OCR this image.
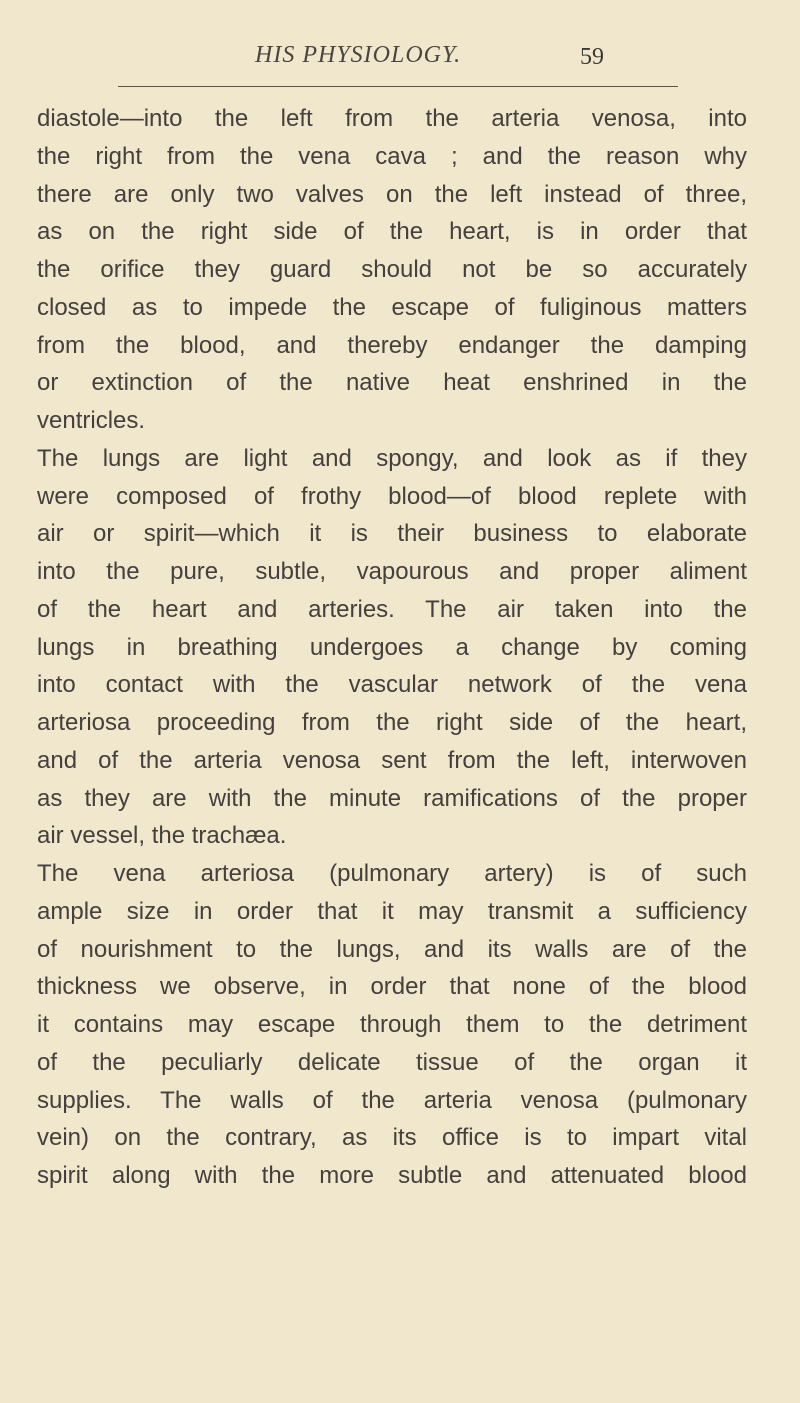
HIS PHYSIOLOGY.	59
diastole—into the left from the arteria venosa, into
the right from the vena cava ; and the reason why
there are only two valves on the left instead of three,
as on the right side of the heart, is in order that
the orifice they guard should not be so accurately
closed as to impede the escape of fuliginous matters
from the blood, and thereby endanger the damping
or extinction of the native heat enshrined in the
ventricles.
The lungs are light and spongy, and look as if they
were composed of frothy blood—of blood replete with
air or spirit—which it is their business to elaborate
into the pure, subtle, vapourous and proper aliment
of the heart and arteries. The air taken into the
lungs in breathing undergoes a change by coming
into contact with the vascular network of the vena
arteriosa proceeding from the right side of the heart,
and of the arteria venosa sent from the left, interwoven
as they are with the minute ramifications of the proper
air vessel, the trachæa.
The vena arteriosa (pulmonary artery) is of such
ample size in order that it may transmit a sufficiency
of nourishment to the lungs, and its walls are of the
thickness we observe, in order that none of the blood
it contains may escape through them to the detriment
of the peculiarly delicate tissue of the organ it
supplies. The walls of the arteria venosa (pulmonary
vein) on the contrary, as its office is to impart vital
spirit along with the more subtle and attenuated blood
